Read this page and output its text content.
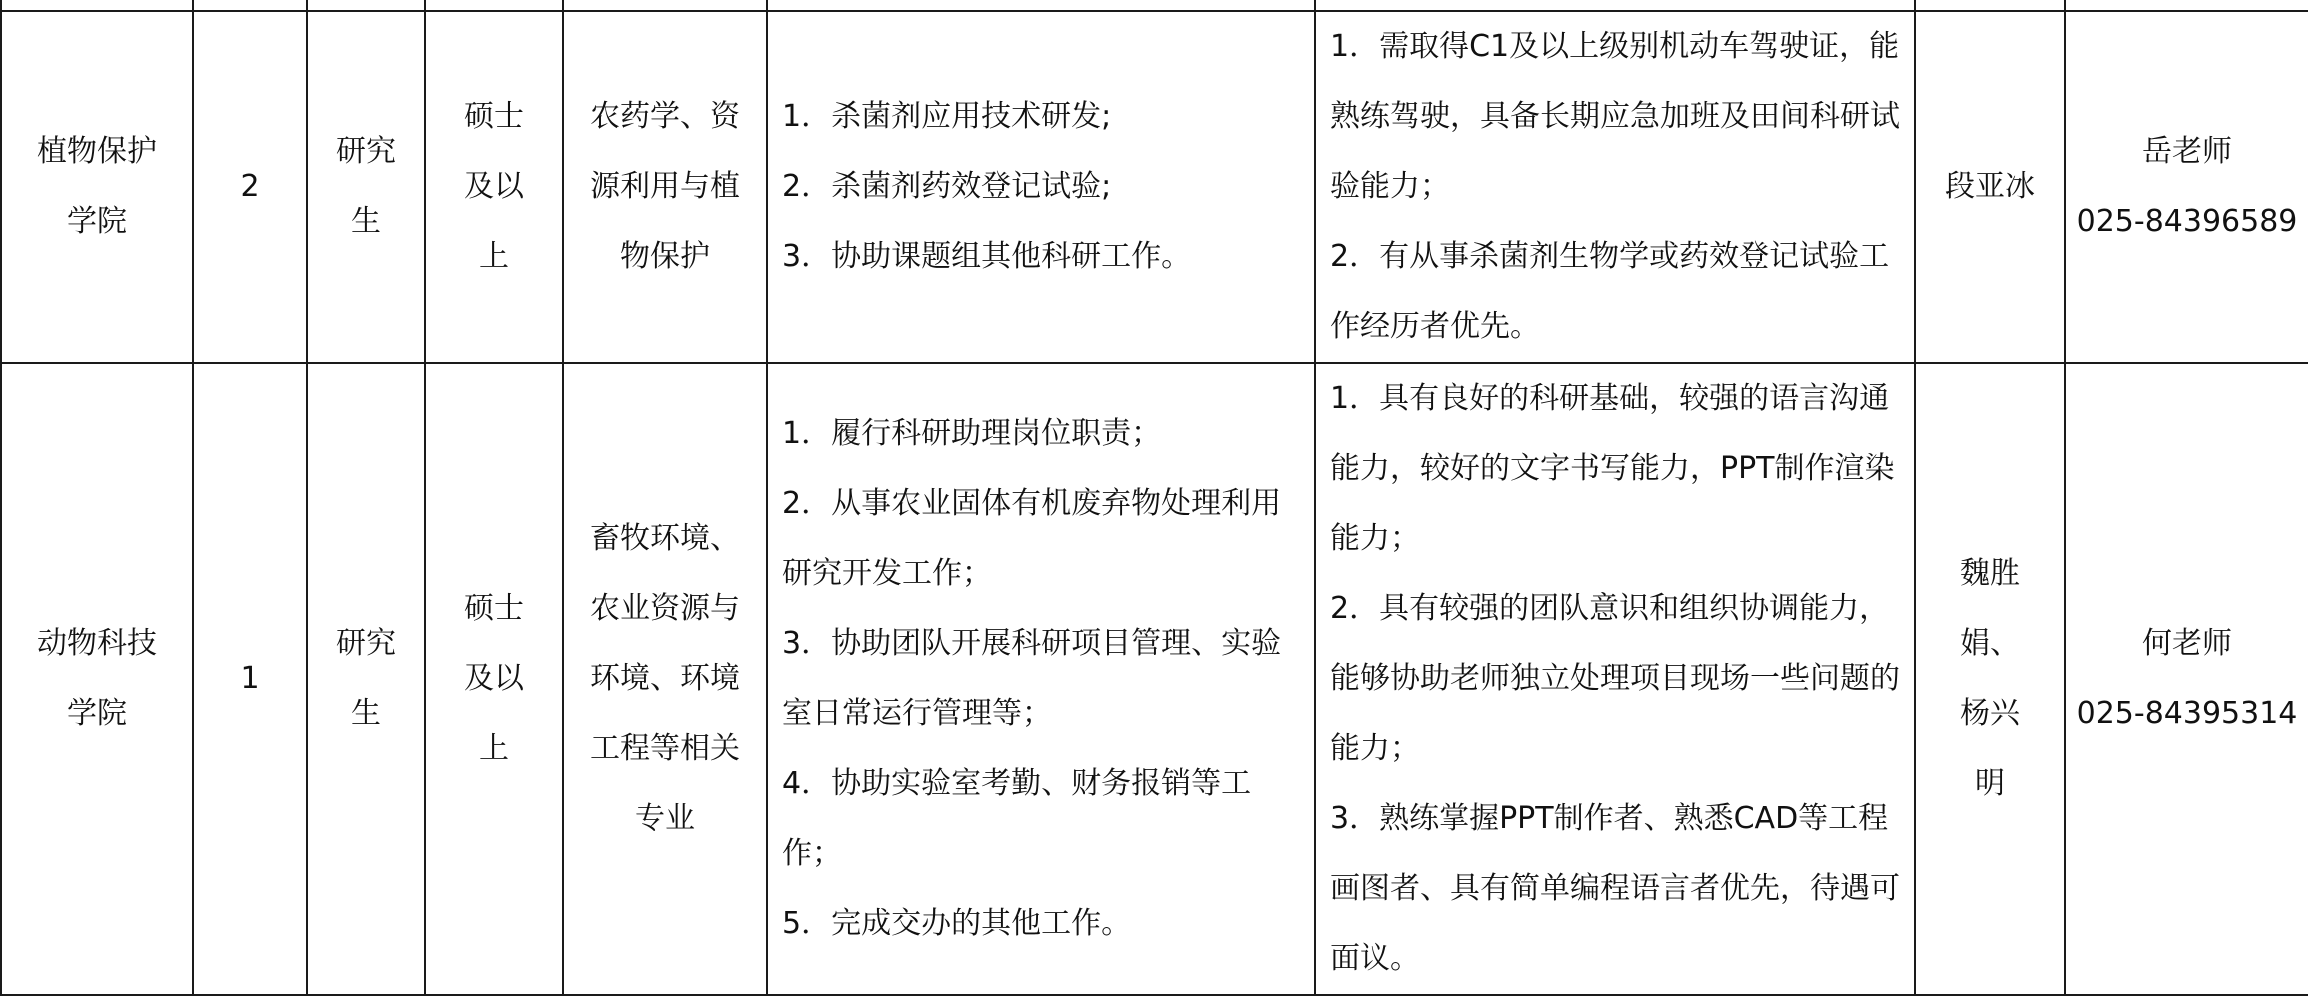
植物保护学院	2	研究生	硕士及以上	农药学、资源利用与植物保护	1．杀菌剂应用技术研发;
2．杀菌剂药效登记试验;
3．协助课题组其他科研工作。	1．需取得C1及以上级别机动车驾驶证，能熟练驾驶，具备长期应急加班及田间科研试验能力；
2．有从事杀菌剂生物学或药效登记试验工作经历者优先。	段亚冰	岳老师
025-84396589

动物科技学院	1	研究生	硕士及以上	畜牧环境、农业资源与环境、环境工程等相关专业	1．履行科研助理岗位职责；
2．从事农业固体有机废弃物处理利用研究开发工作；
3．协助团队开展科研项目管理、实验室日常运行管理等；
4．协助实验室考勤、财务报销等工作；
5．完成交办的其他工作。	1．具有良好的科研基础，较强的语言沟通能力，较好的文字书写能力，PPT制作渲染能力；
2．具有较强的团队意识和组织协调能力，能够协助老师独立处理项目现场一些问题的能力；
3．熟练掌握PPT制作者、熟悉CAD等工程画图者、具有简单编程语言者优先，待遇可面议。	魏胜娟、杨兴明	何老师
025-84395314
